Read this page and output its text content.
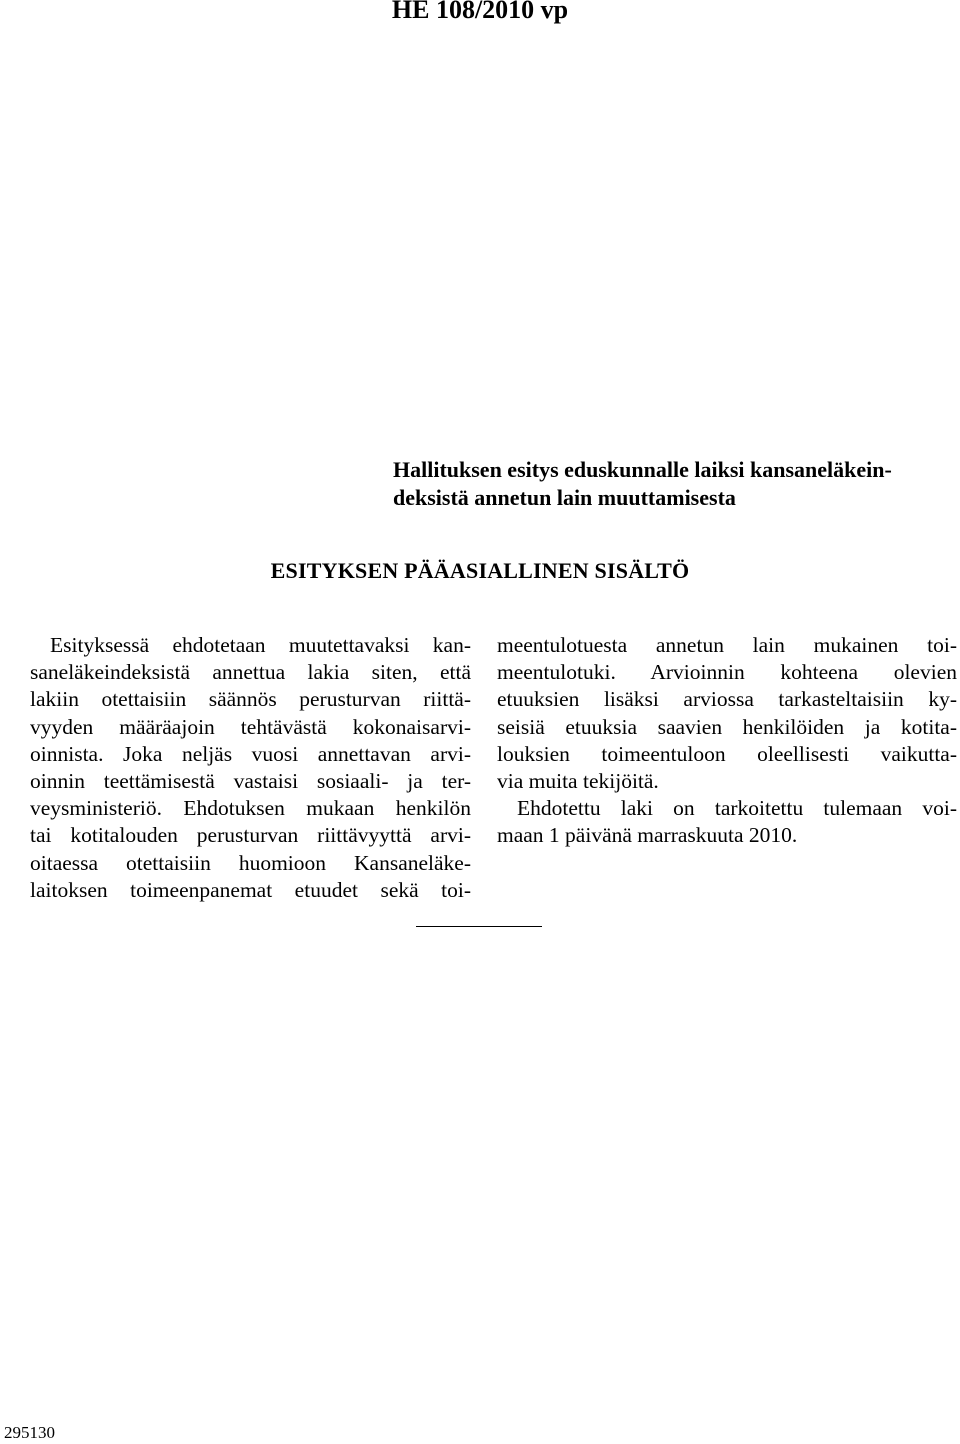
HE 108/2010 vp
Hallituksen esitys eduskunnalle laiksi kansaneläkein-
deksistä annetun lain muuttamisesta
ESITYKSEN PÄÄASIALLINEN SISÄLTÖ

Esityksessä ehdotetaan muutettavaksi kan-
saneläkeindeksistä annettua lakia siten, että
lakiin otettaisiin säännös perusturvan riittä-
vyyden määräajoin tehtävästä kokonaisarvi-
oinnista. Joka neljäs vuosi annettavan arvi-
oinnin teettämisestä vastaisi sosiaali- ja ter-
veysministeriö. Ehdotuksen mukaan henkilön
tai kotitalouden perusturvan riittävyyttä arvi-
oitaessa otettaisiin huomioon Kansaneläke-
laitoksen toimeenpanemat etuudet sekä toi-

meentulotuesta annetun lain mukainen toi-
meentulotuki. Arvioinnin kohteena olevien
etuuksien lisäksi arviossa tarkasteltaisiin ky-
seisiä etuuksia saavien henkilöiden ja kotita-
louksien toimeentuloon oleellisesti vaikutta-
via muita tekijöitä.

Ehdotettu laki on tarkoitettu tulemaan voi-
maan 1 päivänä marraskuuta 2010.

295130
